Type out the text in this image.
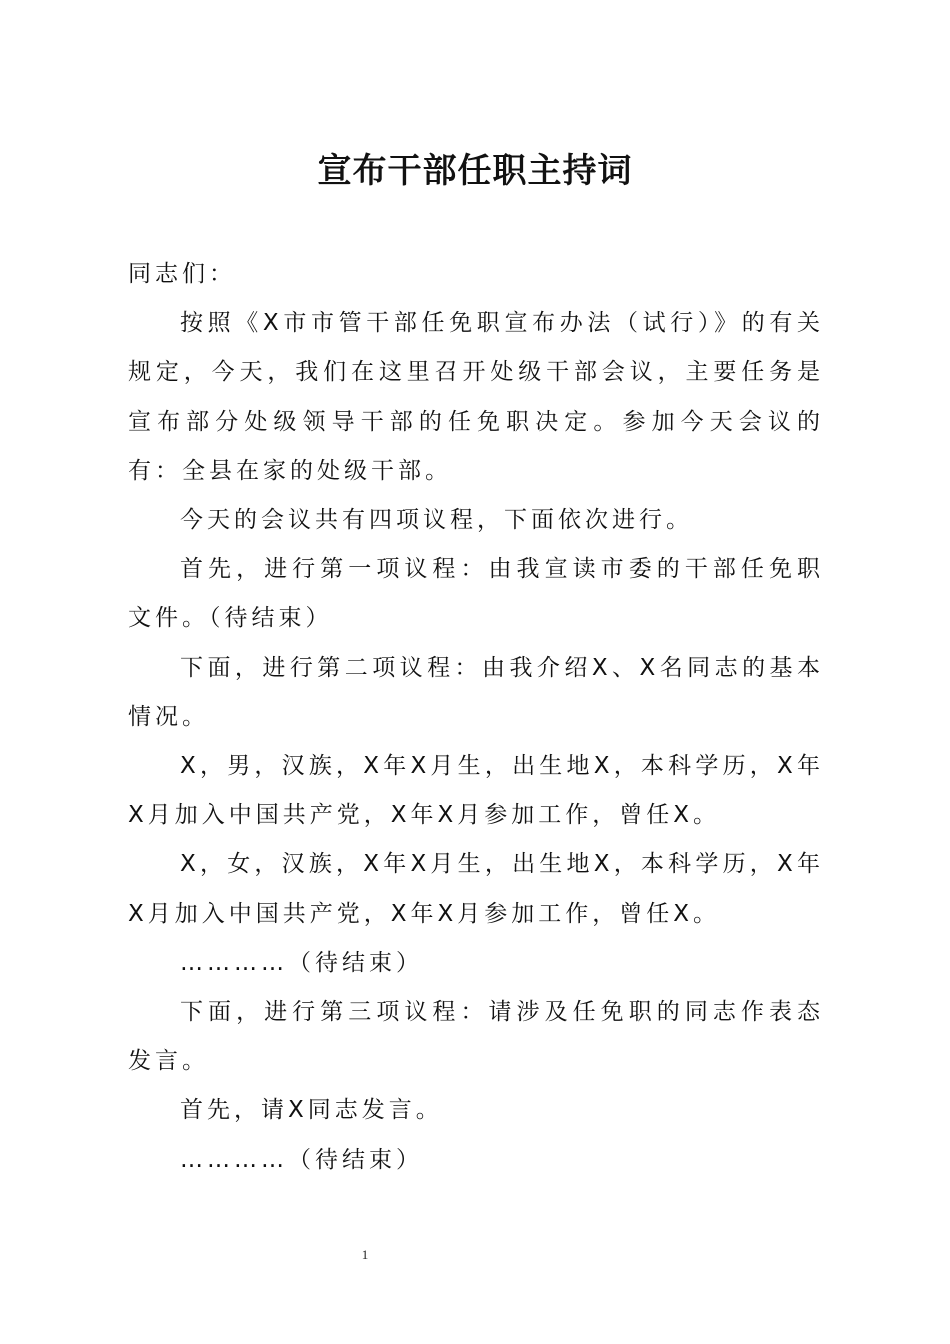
宣布干部任职主持词

同志们：

按照《X市市管干部任免职宣布办法（试行）》的有关规定，今天，我们在这里召开处级干部会议，主要任务是宣布部分处级领导干部的任免职决定。参加今天会议的有：全县在家的处级干部。

今天的会议共有四项议程，下面依次进行。

首先，进行第一项议程：由我宣读市委的干部任免职文件。（待结束）

下面，进行第二项议程：由我介绍X、X名同志的基本情况。

X，男，汉族，X年X月生，出生地X，本科学历，X年X月加入中国共产党，X年X月参加工作，曾任X。

X，女，汉族，X年X月生，出生地X，本科学历，X年X月加入中国共产党，X年X月参加工作，曾任X。

…………（待结束）

下面，进行第三项议程：请涉及任免职的同志作表态发言。

首先，请X同志发言。

…………（待结束）

1
